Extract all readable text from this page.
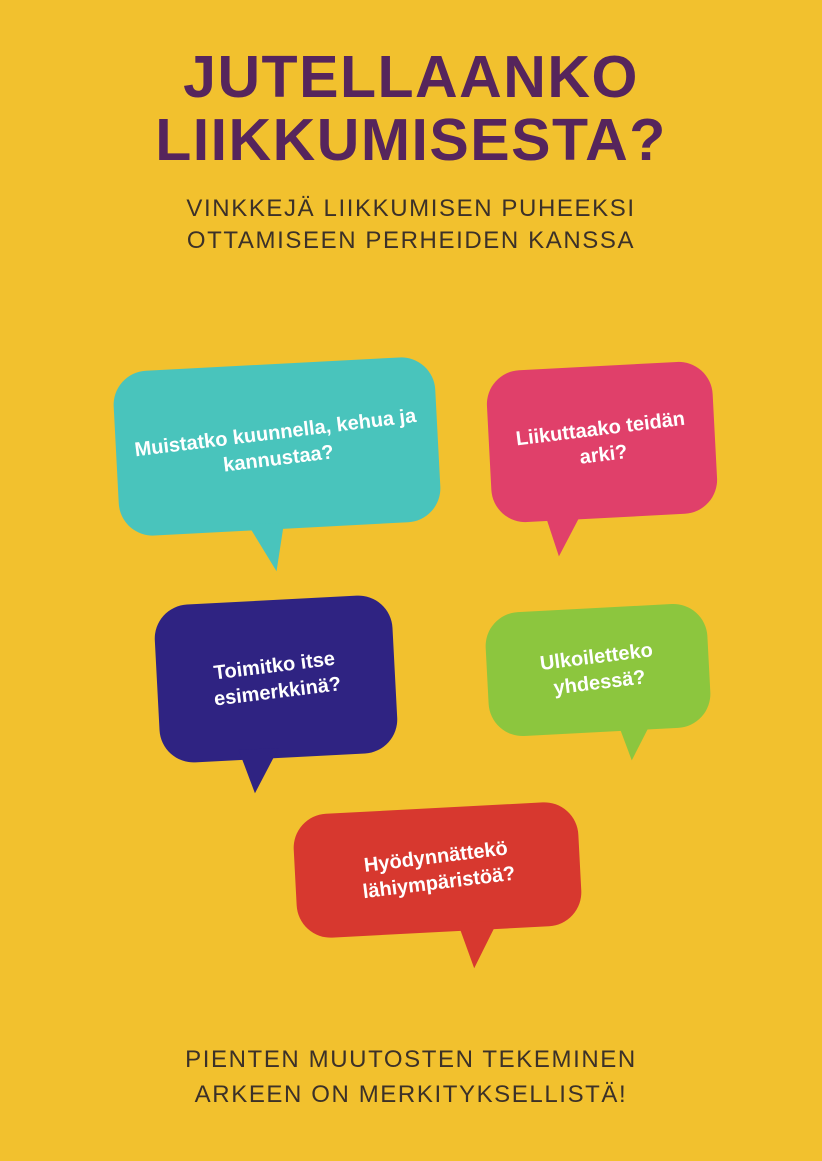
JUTELLAANKO LIIKKUMISESTA?
VINKKEJÄ LIIKKUMISEN PUHEEKSI
OTTAMISEEN PERHEIDEN KANSSA
Muistatko kuunnella, kehua ja kannustaa?
Liikuttaako teidän arki?
Toimitko itse esimerkkinä?
Ulkoiletteko yhdessä?
Hyödynnättekö lähiympäristöä?
PIENTEN MUUTOSTEN TEKEMINEN
ARKEEN ON MERKITYKSELLISTÄ!
